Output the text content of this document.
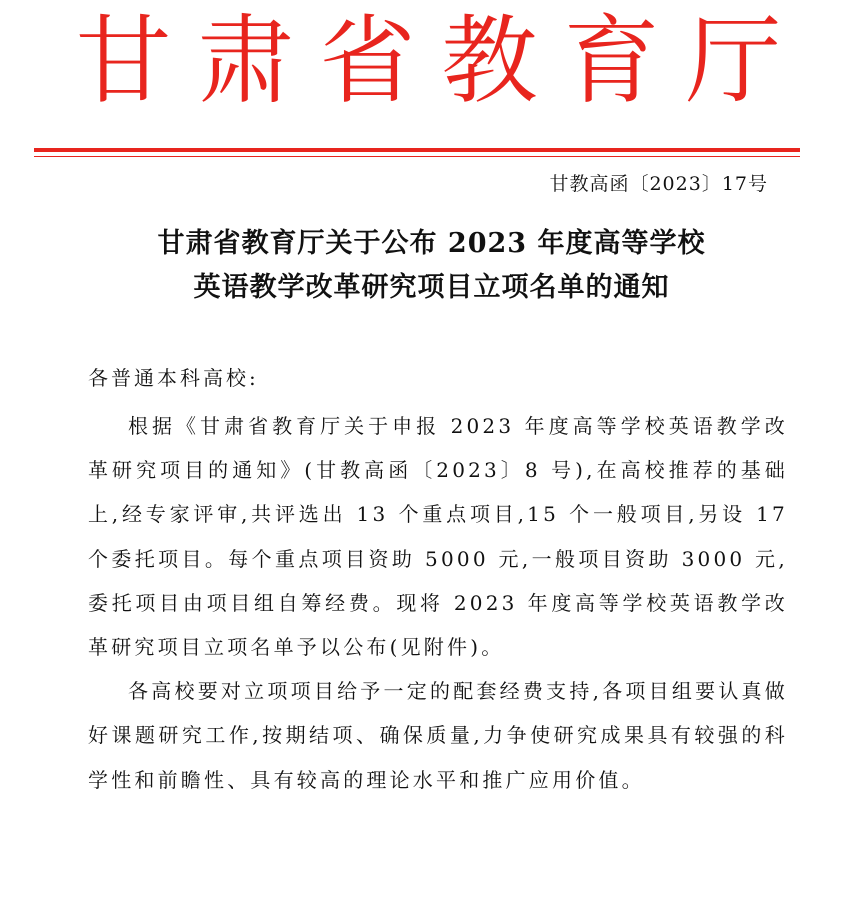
甘肃省教育厅
甘教高函〔2023〕17号
甘肃省教育厅关于公布 2023 年度高等学校
英语教学改革研究项目立项名单的通知
各普通本科高校:

根据《甘肃省教育厅关于申报 2023 年度高等学校英语教学改革研究项目的通知》(甘教高函〔2023〕8 号),在高校推荐的基础上,经专家评审,共评选出 13 个重点项目,15 个一般项目,另设 17 个委托项目。每个重点项目资助 5000 元,一般项目资助 3000 元,委托项目由项目组自筹经费。现将 2023 年度高等学校英语教学改革研究项目立项名单予以公布(见附件)。

各高校要对立项项目给予一定的配套经费支持,各项目组要认真做好课题研究工作,按期结项、确保质量,力争使研究成果具有较强的科学性和前瞻性、具有较高的理论水平和推广应用价值。
